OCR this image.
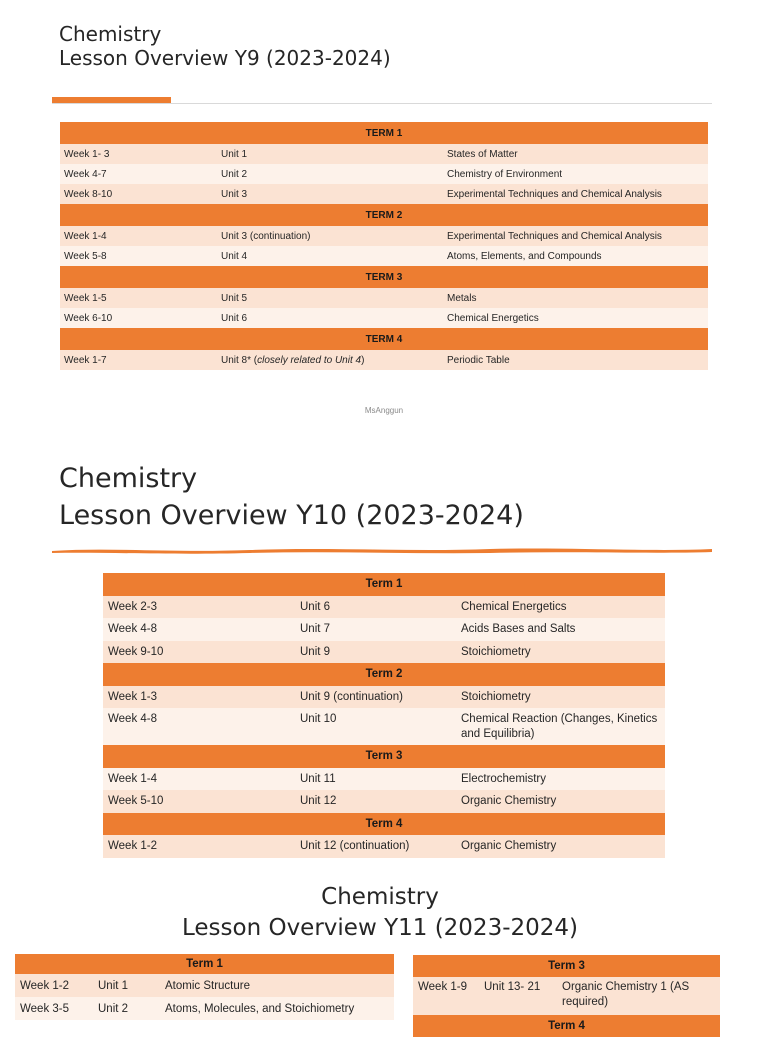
Chemistry
Lesson Overview Y9 (2023-2024)
TERM 1		
Week 1- 3	Unit 1	States of Matter
Week 4-7	Unit 2	Chemistry of Environment
Week 8-10	Unit 3	Experimental Techniques and Chemical Analysis
TERM 2		
Week 1-4	Unit 3 (continuation)	Experimental Techniques and Chemical Analysis
Week 5-8	Unit 4	Atoms, Elements, and Compounds
TERM 3		
Week 1-5	Unit 5	Metals
Week 6-10	Unit 6	Chemical Energetics
TERM 4		
Week 1-7	Unit 8* (closely related to Unit 4)	Periodic Table
MsAnggun
Chemistry
Lesson Overview Y10 (2023-2024)
Term 1		
Week 2-3	Unit 6	Chemical Energetics
Week 4-8	Unit 7	Acids Bases and Salts
Week 9-10	Unit 9	Stoichiometry
Term 2		
Week 1-3	Unit 9 (continuation)	Stoichiometry
Week 4-8	Unit 10	Chemical Reaction (Changes, Kinetics and Equilibria)
Term 3		
Week 1-4	Unit 11	Electrochemistry
Week 5-10	Unit 12	Organic Chemistry
Term 4		
Week 1-2	Unit 12 (continuation)	Organic Chemistry
Chemistry
Lesson Overview Y11 (2023-2024)
Term 1		
Week 1-2	Unit 1	Atomic Structure
Week 3-5	Unit 2	Atoms, Molecules, and Stoichiometry
Term 3
Week 1-9	Unit 13- 21	Organic Chemistry 1 (AS required)
Term 4
